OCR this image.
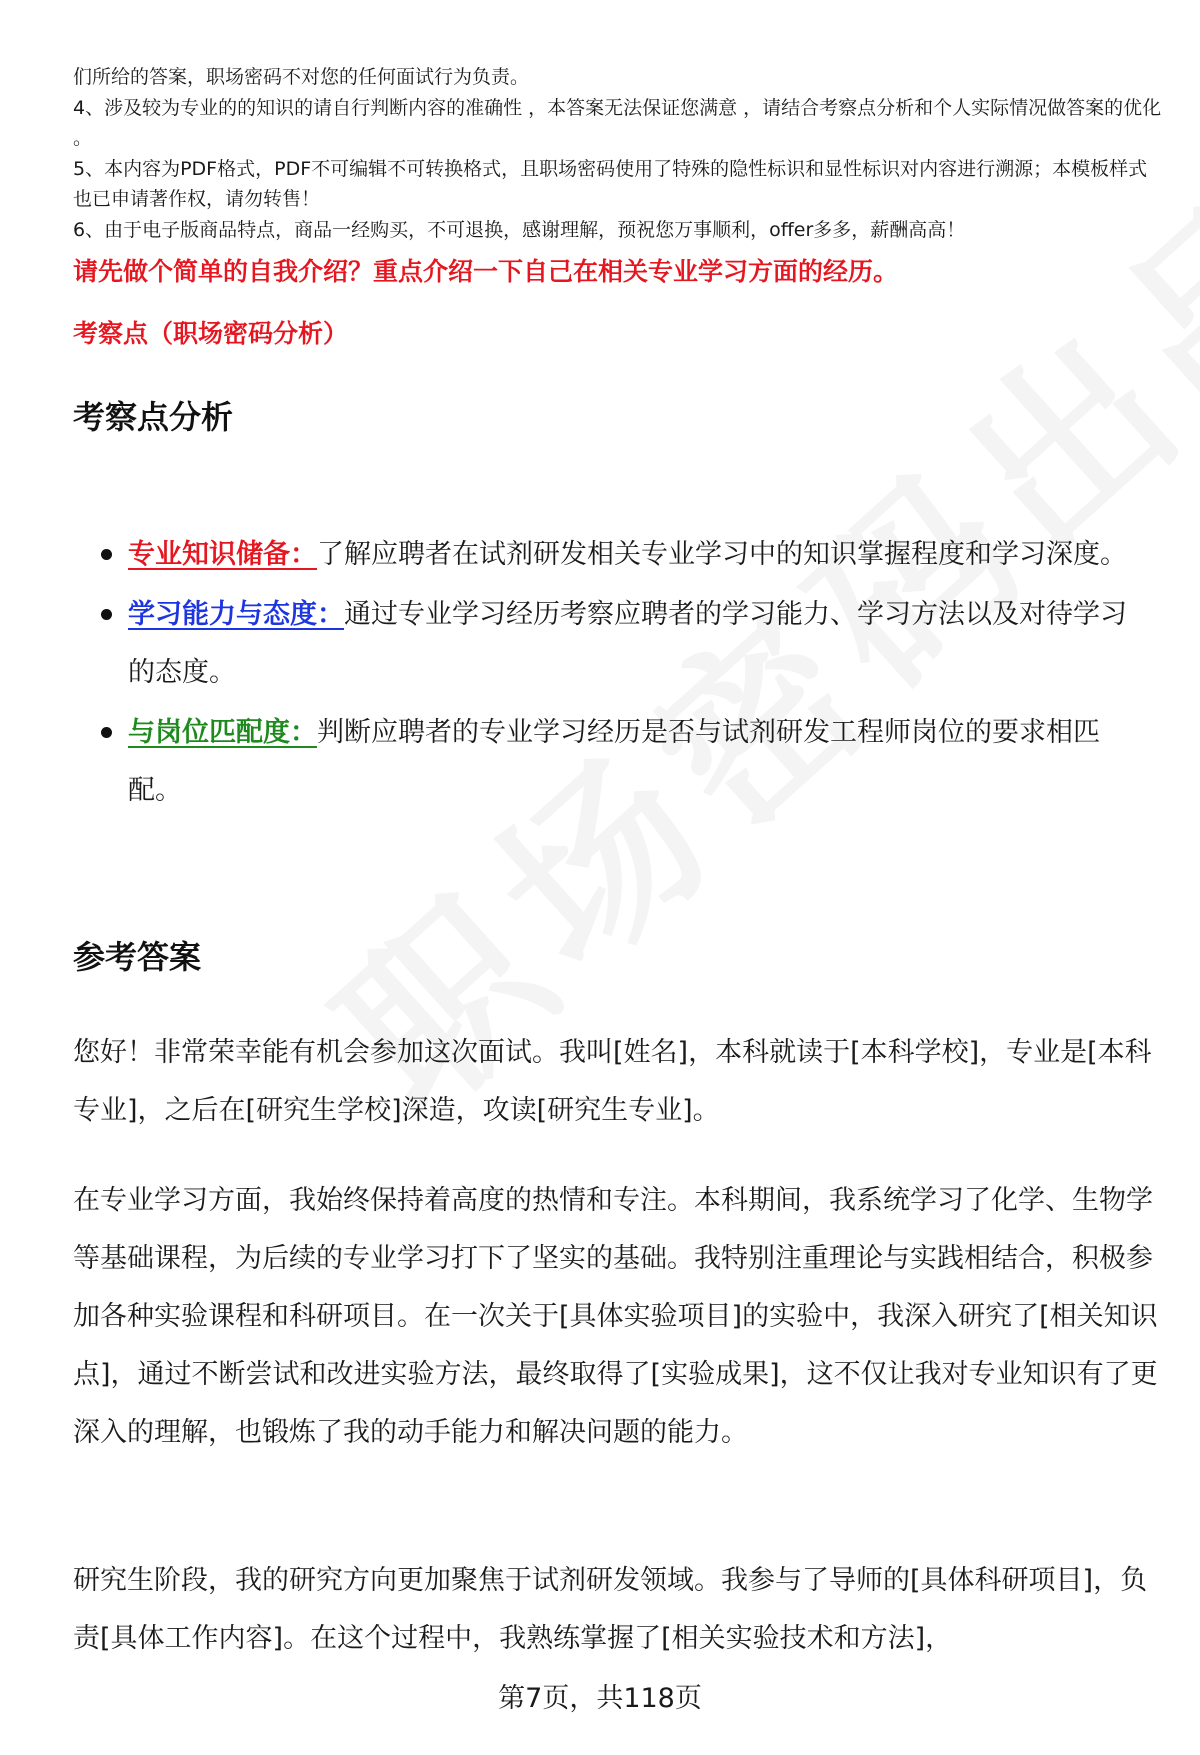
们所给的答案，职场密码不对您的任何面试行为负责。

4、涉及较为专业的的知识的请自行判断内容的准确性 ，本答案无法保证您满意 ，请结合考察点分析和个人实际情况做答案的优化 。

5、本内容为PDF格式，PDF不可编辑不可转换格式，且职场密码使用了特殊的隐性标识和显性标识对内容进行溯源；本模板样式也已申请著作权，请勿转售！

6、由于电子版商品特点，商品一经购买，不可退换，感谢理解，预祝您万事顺利，offer多多，薪酬高高！

请先做个简单的自我介绍？重点介绍一下自己在相关专业学习方面的经历。
考察点（职场密码分析）
考察点分析
专业知识储备：了解应聘者在试剂研发相关专业学习中的知识掌握程度和学习深度。
学习能力与态度：通过专业学习经历考察应聘者的学习能力、学习方法以及对待学习的态度。
与岗位匹配度：判断应聘者的专业学习经历是否与试剂研发工程师岗位的要求相匹配。
参考答案

您好！非常荣幸能有机会参加这次面试。我叫[姓名]，本科就读于[本科学校]，专业是[本科专业]，之后在[研究生学校]深造，攻读[研究生专业]。

在专业学习方面，我始终保持着高度的热情和专注。本科期间，我系统学习了化学、生物学等基础课程，为后续的专业学习打下了坚实的基础。我特别注重理论与实践相结合，积极参加各种实验课程和科研项目。在一次关于[具体实验项目]的实验中，我深入研究了[相关知识点]，通过不断尝试和改进实验方法，最终取得了[实验成果]，这不仅让我对专业知识有了更深入的理解，也锻炼了我的动手能力和解决问题的能力。

研究生阶段，我的研究方向更加聚焦于试剂研发领域。我参与了导师的[具体科研项目]，负责[具体工作内容]。在这个过程中，我熟练掌握了[相关实验技术和方法]，

第7页，共118页
